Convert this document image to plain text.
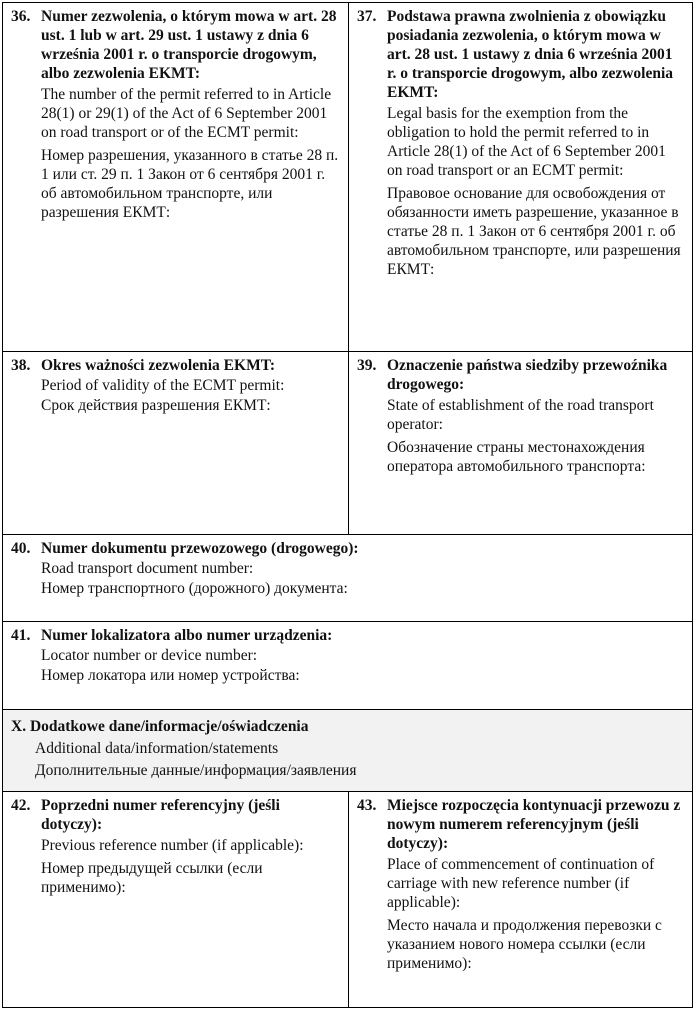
36. Numer zezwolenia, o którym mowa w art. 28 ust. 1 lub w art. 29 ust. 1 ustawy z dnia 6 września 2001 r. o transporcie drogowym, albo zezwolenia EKMT:
The number of the permit referred to in Article 28(1) or 29(1) of the Act of 6 September 2001 on road transport or of the ECMT permit:
Номер разрешения, указанного в статье 28 п. 1 или ст. 29 п. 1 Закон от 6 сентября 2001 г. об автомобильном транспорте, или разрешения ЕКМТ:
37. Podstawa prawna zwolnienia z obowiązku posiadania zezwolenia, o którym mowa w art. 28 ust. 1 ustawy z dnia 6 września 2001 r. o transporcie drogowym, albo zezwolenia EKMT:
Legal basis for the exemption from the obligation to hold the permit referred to in Article 28(1) of the Act of 6 September 2001 on road transport or an ECMT permit:
Правовое основание для освобождения от обязанности иметь разрешение, указанное в статье 28 п. 1 Закон от 6 сентября 2001 г. об автомобильном транспорте, или разрешения ЕКМТ:
38. Okres ważności zezwolenia EKMT:
Period of validity of the ECMT permit:
Срок действия разрешения ЕКМТ:
39. Oznaczenie państwa siedziby przewoźnika drogowego:
State of establishment of the road transport operator:
Обозначение страны местонахождения оператора автомобильного транспорта:
40. Numer dokumentu przewozowego (drogowego):
Road transport document number:
Номер транспортного (дорожного) документа:
41. Numer lokalizatora albo numer urządzenia:
Locator number or device number:
Номер локатора или номер устройства:
X. Dodatkowe dane/informacje/oświadczenia
Additional data/information/statements
Дополнительные данные/информация/заявления
42. Poprzedni numer referencyjny (jeśli dotyczy):
Previous reference number (if applicable):
Номер предыдущей ссылки (если применимо):
43. Miejsce rozpoczęcia kontynuacji przewozu z nowym numerem referencyjnym (jeśli dotyczy):
Place of commencement of continuation of carriage with new reference number (if applicable):
Место начала и продолжения перевозки с указанием нового номера ссылки (если применимо):
